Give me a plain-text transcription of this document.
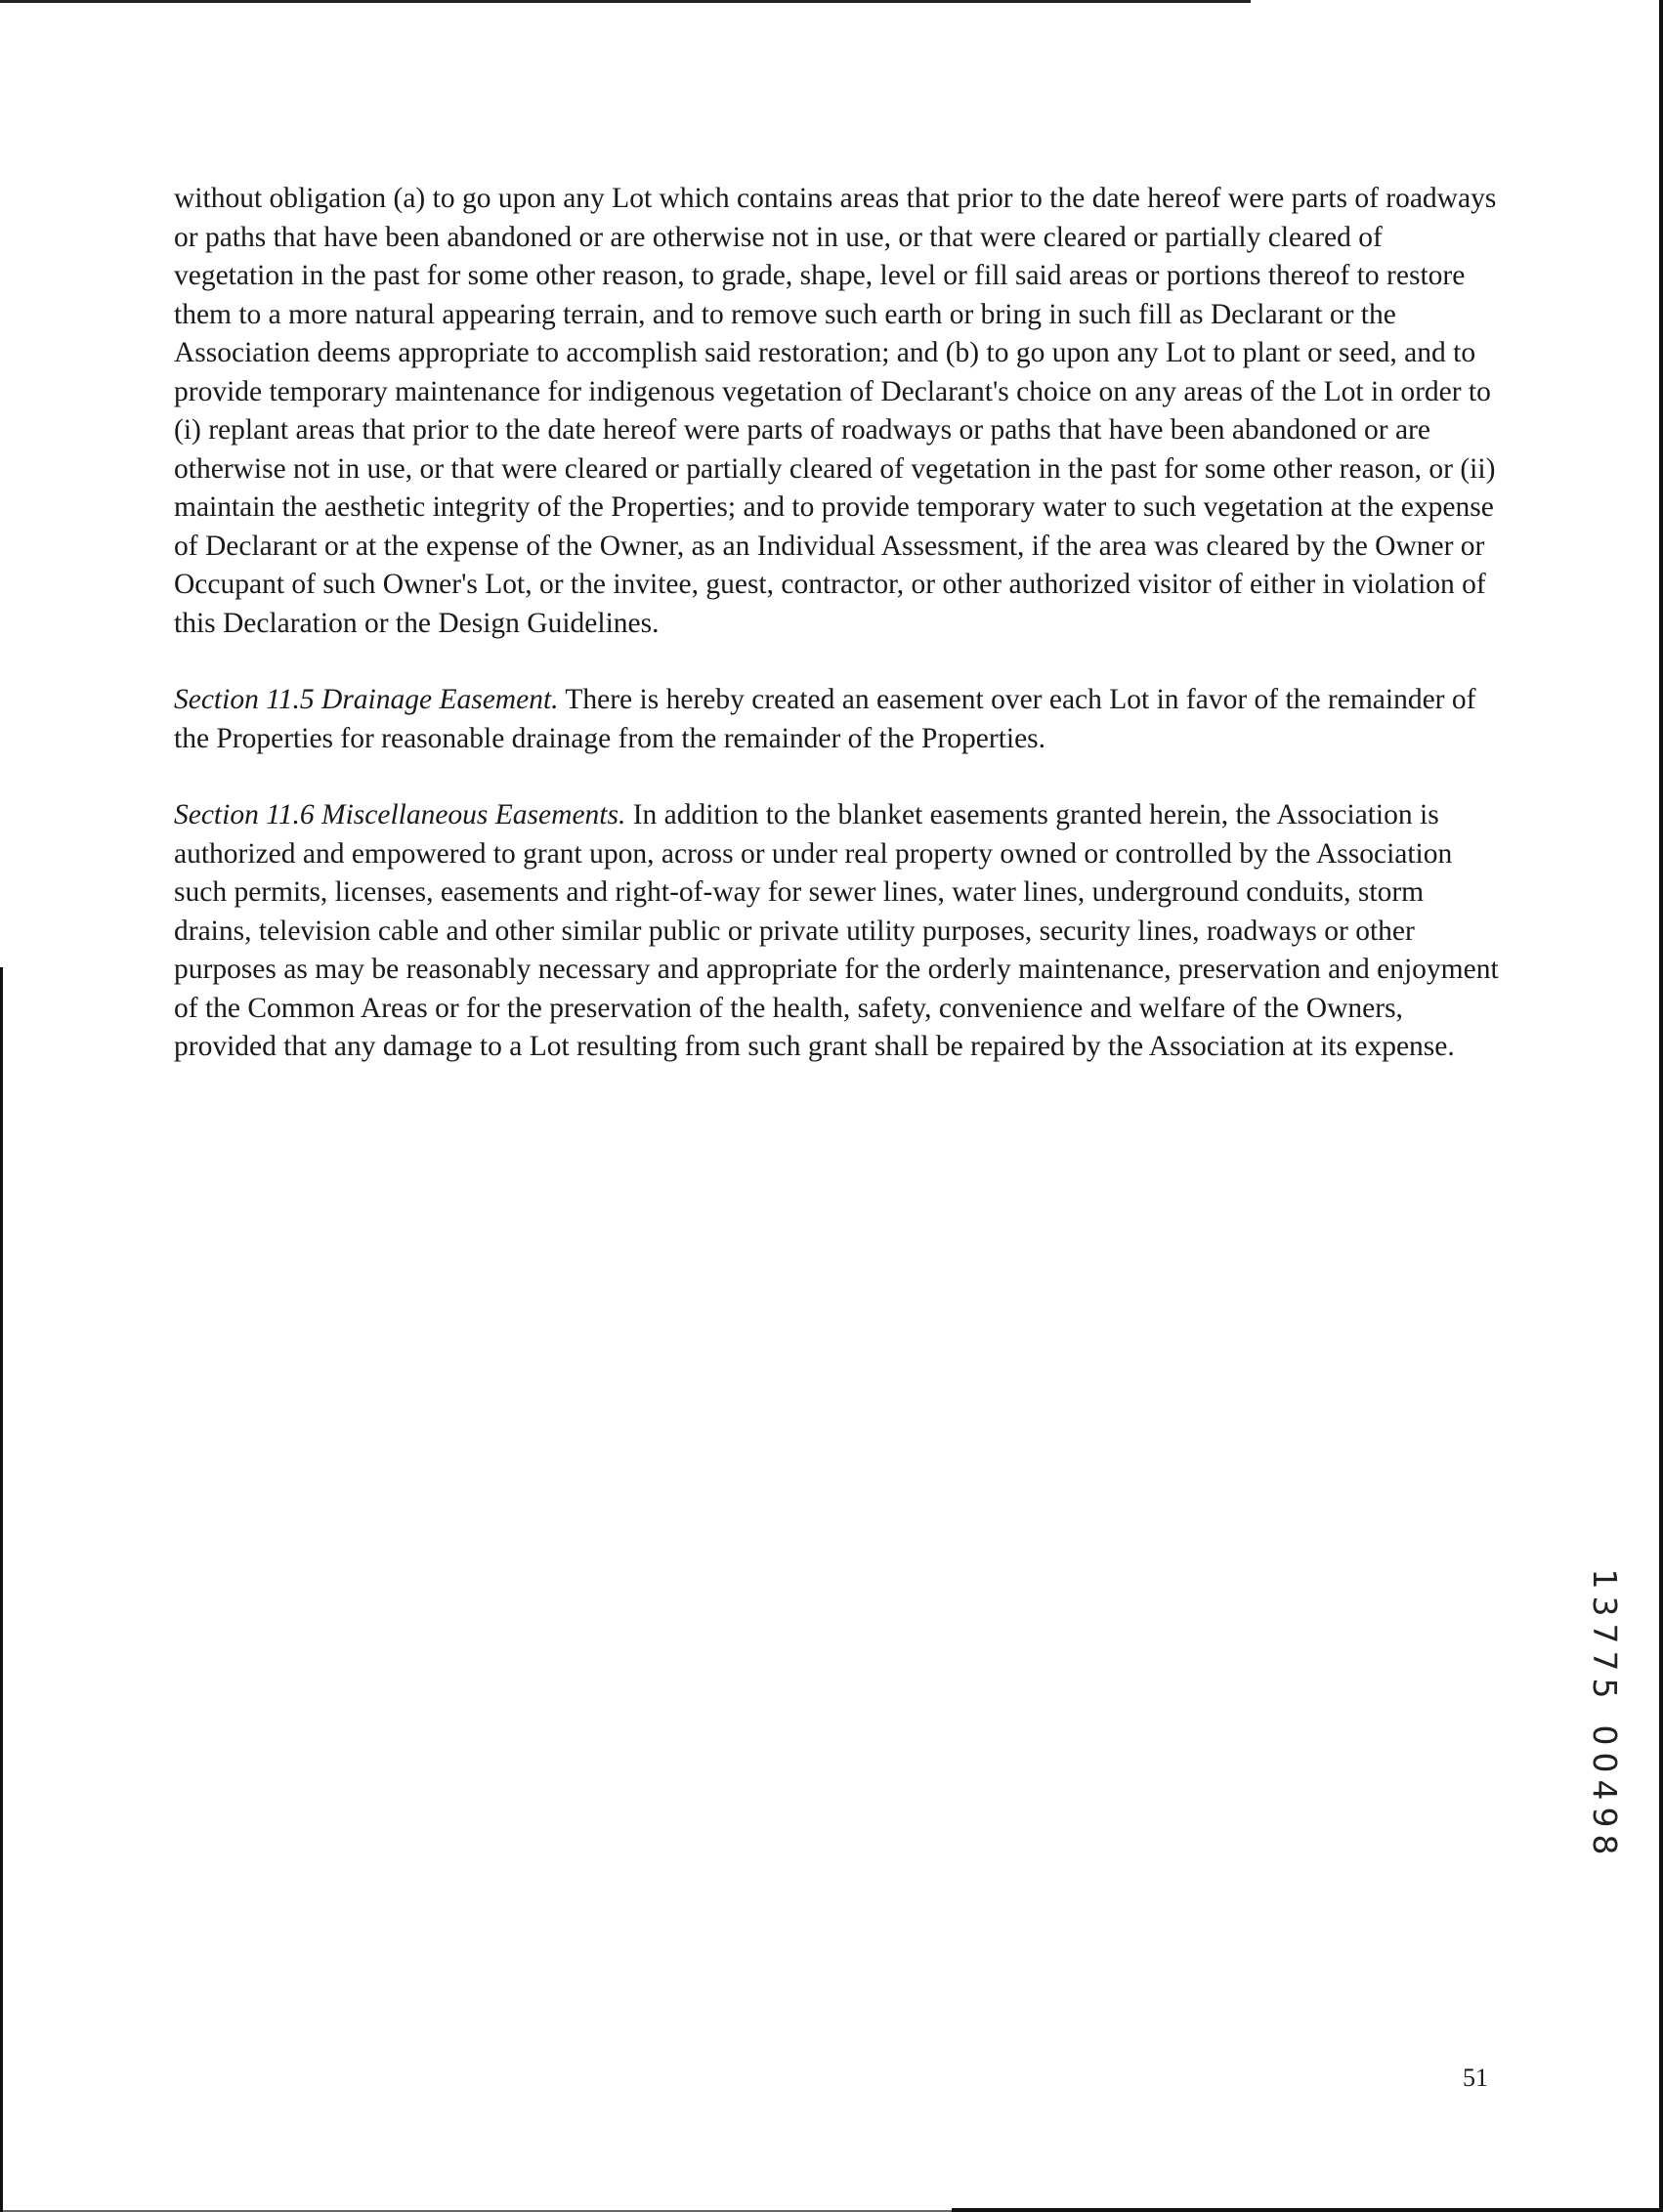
without obligation (a) to go upon any Lot which contains areas that prior to the date hereof were parts of roadways or paths that have been abandoned or are otherwise not in use, or that were cleared or partially cleared of vegetation in the past for some other reason, to grade, shape, level or fill said areas or portions thereof to restore them to a more natural appearing terrain, and to remove such earth or bring in such fill as Declarant or the Association deems appropriate to accomplish said restoration; and (b) to go upon any Lot to plant or seed, and to provide temporary maintenance for indigenous vegetation of Declarant's choice on any areas of the Lot in order to (i) replant areas that prior to the date hereof were parts of roadways or paths that have been abandoned or are otherwise not in use, or that were cleared or partially cleared of vegetation in the past for some other reason, or (ii) maintain the aesthetic integrity of the Properties; and to provide temporary water to such vegetation at the expense of Declarant or at the expense of the Owner, as an Individual Assessment, if the area was cleared by the Owner or Occupant of such Owner's Lot, or the invitee, guest, contractor, or other authorized visitor of either in violation of this Declaration or the Design Guidelines.

Section 11.5 Drainage Easement. There is hereby created an easement over each Lot in favor of the remainder of the Properties for reasonable drainage from the remainder of the Properties.

Section 11.6 Miscellaneous Easements. In addition to the blanket easements granted herein, the Association is authorized and empowered to grant upon, across or under real property owned or controlled by the Association such permits, licenses, easements and right-of-way for sewer lines, water lines, underground conduits, storm drains, television cable and other similar public or private utility purposes, security lines, roadways or other purposes as may be reasonably necessary and appropriate for the orderly maintenance, preservation and enjoyment of the Common Areas or for the preservation of the health, safety, convenience and welfare of the Owners, provided that any damage to a Lot resulting from such grant shall be repaired by the Association at its expense.

1
3
7
7
5
0
0
4
9
8
51
